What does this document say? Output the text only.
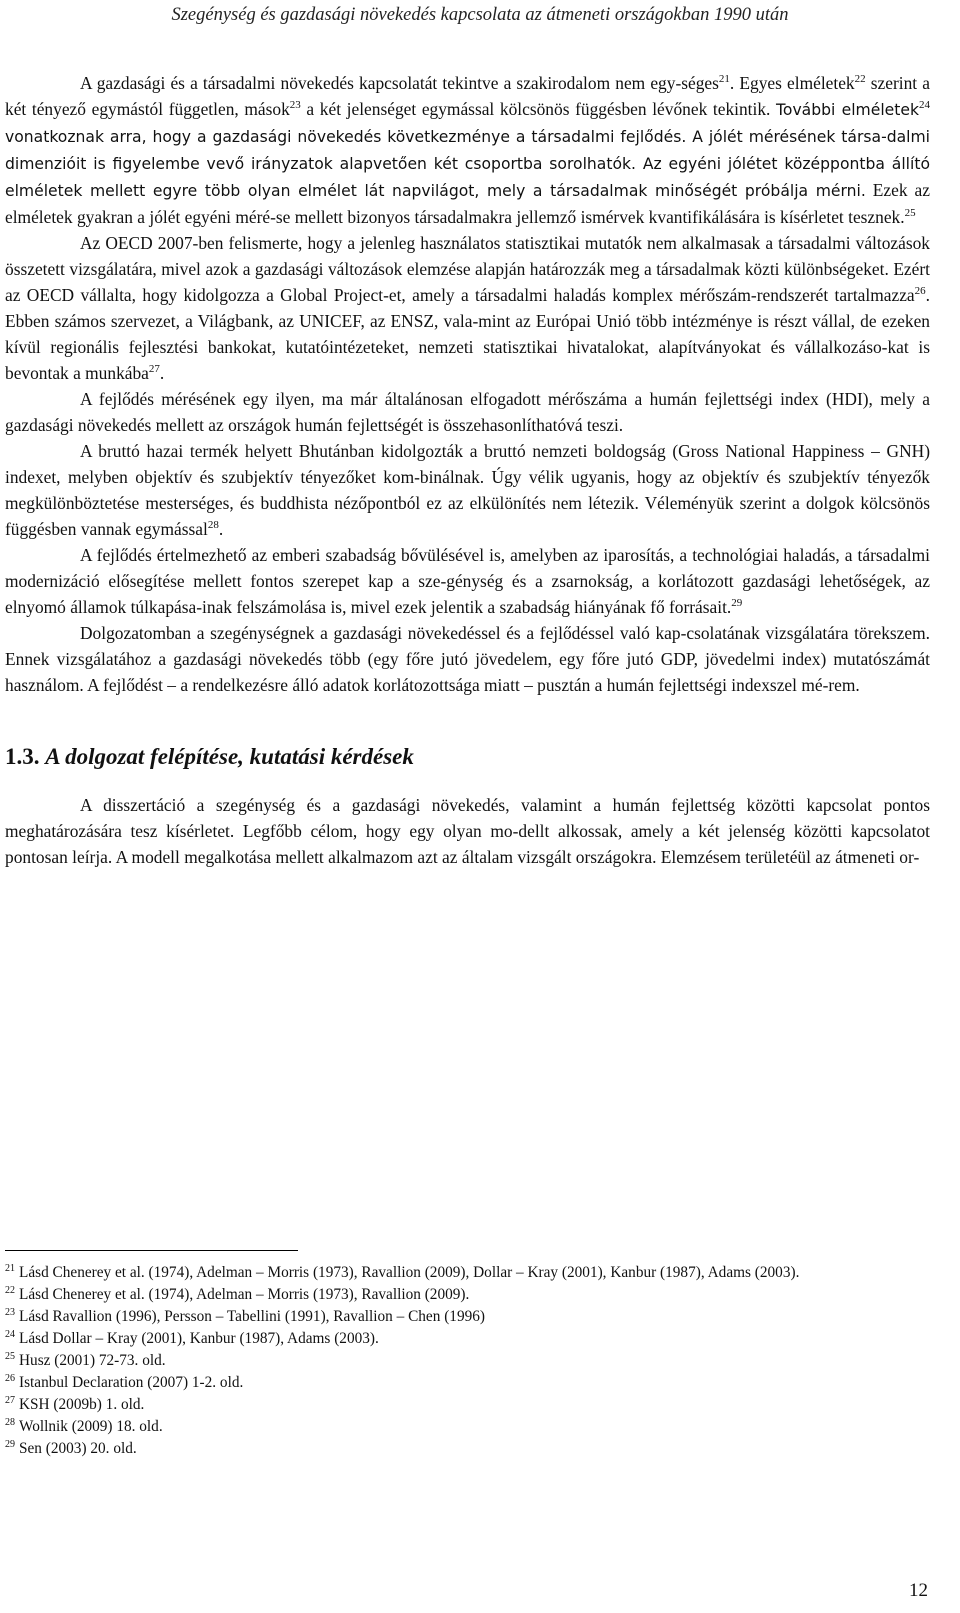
Szegénység és gazdasági növekedés kapcsolata az átmeneti országokban 1990 után

A gazdasági és a társadalmi növekedés kapcsolatát tekintve a szakirodalom nem egy-séges$^{21}$. Egyes elméletek$^{22}$ szerint a két tényező egymástól független, mások$^{23}$ a két jelenséget egymással kölcsönös függésben lévőnek tekintik. További elméletek$^{24}$ vonatkoznak arra, hogy a gazdasági növekedés következménye a társadalmi fejlődés. A jólét mérésének társa-dalmi dimenzióit is figyelembe vevő irányzatok alapvetően két csoportba sorolhatók. Az egyéni jólétet középpontba állító elméletek mellett egyre több olyan elmélet lát napvilágot, mely a társadalmak minőségét próbálja mérni. Ezek az elméletek gyakran a jólét egyéni méré-se mellett bizonyos társadalmakra jellemző ismérvek kvantifikálására is kísérletet tesznek.$^{25}$

Az OECD 2007-ben felismerte, hogy a jelenleg használatos statisztikai mutatók nem alkalmasak a társadalmi változások összetett vizsgálatára, mivel azok a gazdasági változások elemzése alapján határozzák meg a társadalmak közti különbségeket. Ezért az OECD vállalta, hogy kidolgozza a Global Project-et, amely a társadalmi haladás komplex mérőszám-rendszerét tartalmazza$^{26}$. Ebben számos szervezet, a Világbank, az UNICEF, az ENSZ, vala-mint az Európai Unió több intézménye is részt vállal, de ezeken kívül regionális fejlesztési bankokat, kutatóintézeteket, nemzeti statisztikai hivatalokat, alapítványokat és vállalkozáso-kat is bevontak a munkába$^{27}$.

A fejlődés mérésének egy ilyen, ma már általánosan elfogadott mérőszáma a humán fejlettségi index (HDI), mely a gazdasági növekedés mellett az országok humán fejlettségét is összehasonlíthatóvá teszi.

A bruttó hazai termék helyett Bhutánban kidolgozták a bruttó nemzeti boldogság (Gross National Happiness – GNH) indexet, melyben objektív és szubjektív tényezőket kom-binálnak. Úgy vélik ugyanis, hogy az objektív és szubjektív tényezők megkülönböztetése mesterséges, és buddhista nézőpontból ez az elkülönítés nem létezik. Véleményük szerint a dolgok kölcsönös függésben vannak egymással$^{28}$.

A fejlődés értelmezhető az emberi szabadság bővülésével is, amelyben az iparosítás, a technológiai haladás, a társadalmi modernizáció elősegítése mellett fontos szerepet kap a sze-génység és a zsarnokság, a korlátozott gazdasági lehetőségek, az elnyomó államok túlkapása-inak felszámolása is, mivel ezek jelentik a szabadság hiányának fő forrásait.$^{29}$

Dolgozatomban a szegénységnek a gazdasági növekedéssel és a fejlődéssel való kap-csolatának vizsgálatára törekszem. Ennek vizsgálatához a gazdasági növekedés több (egy főre jutó jövedelem, egy főre jutó GDP, jövedelmi index) mutatószámát használom. A fejlődést – a rendelkezésre álló adatok korlátozottsága miatt – pusztán a humán fejlettségi indexszel mé-rem.

1.3. A dolgozat felépítése, kutatási kérdések

A disszertáció a szegénység és a gazdasági növekedés, valamint a humán fejlettség közötti kapcsolat pontos meghatározására tesz kísérletet. Legfőbb célom, hogy egy olyan mo-dellt alkossak, amely a két jelenség közötti kapcsolatot pontosan leírja. A modell megalkotása mellett alkalmazom azt az általam vizsgált országokra. Elemzésem területéül az átmeneti or-

$^{21}$ Lásd Chenerey et al. (1974), Adelman – Morris (1973), Ravallion (2009), Dollar – Kray (2001), Kanbur (1987), Adams (2003).

$^{22}$ Lásd Chenerey et al. (1974), Adelman – Morris (1973), Ravallion (2009).

$^{23}$ Lásd Ravallion (1996), Persson – Tabellini (1991), Ravallion – Chen (1996)

$^{24}$ Lásd Dollar – Kray (2001), Kanbur (1987), Adams (2003).

$^{25}$ Husz (2001) 72-73. old.

$^{26}$ Istanbul Declaration (2007) 1-2. old.

$^{27}$ KSH (2009b) 1. old.

$^{28}$ Wollnik (2009) 18. old.

$^{29}$ Sen (2003) 20. old.

12
